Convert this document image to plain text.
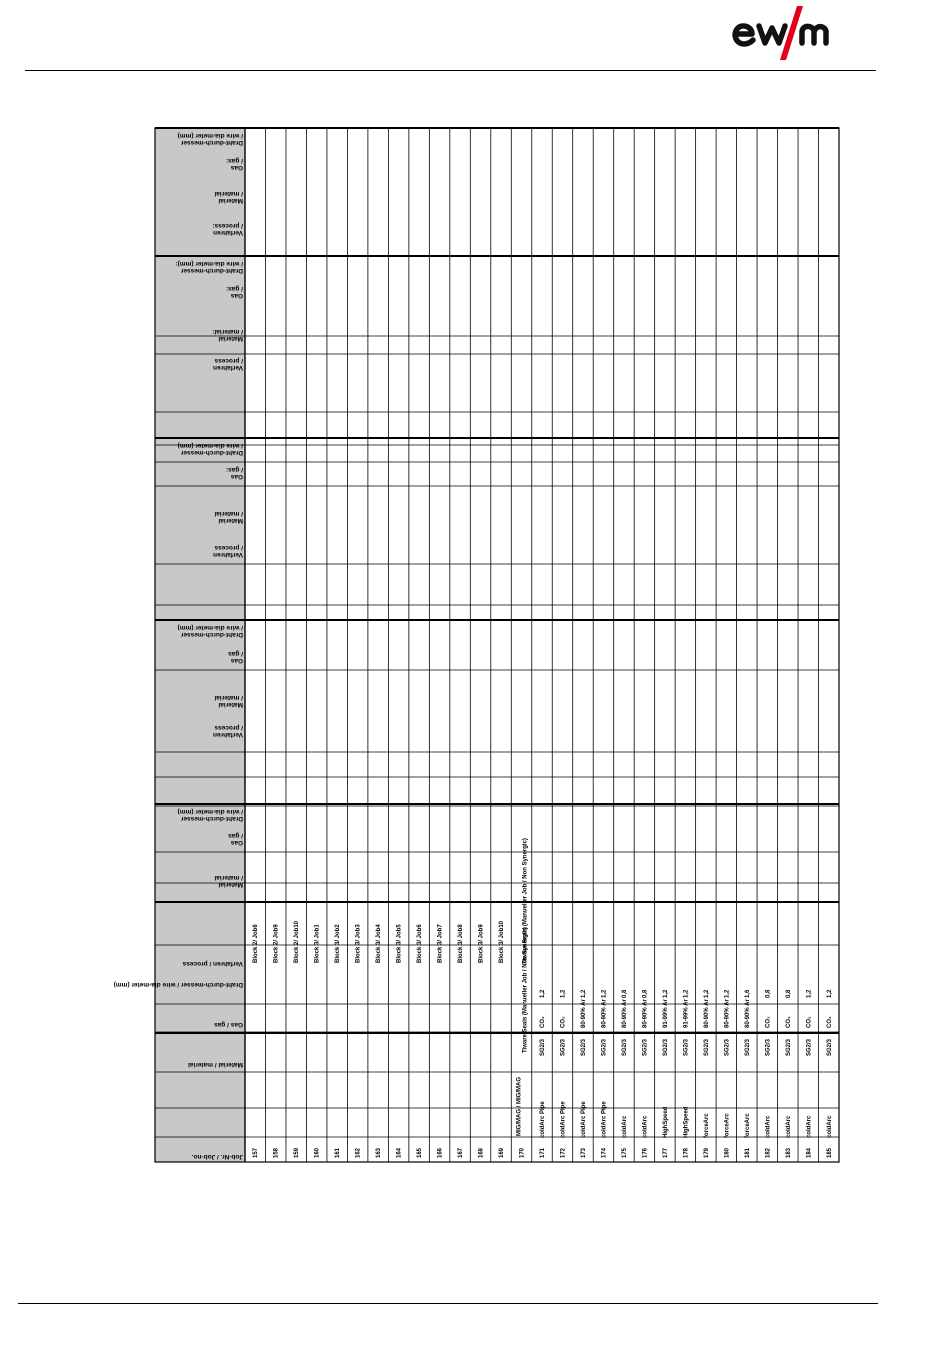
/ wire dia-meter (mm)
Draht-durch-messer
/ gas:
Gas
/ material
Material
/ process:
Verfahren
/ wire dia-meter (mm):
Draht-durch-messer
/ gas:
Gas
/ material:
Material
/ process
Verfahren
/ wire dia-meter (mm)
Draht-durch-messer
/ gas:
Gas
/ material
Material
/ process
Verfahren
/ wire dia-meter (mm)
Draht-durch-messer
/ gas
Gas
/ material
Material
/ process
Verfahren
/ wire dia-meter (mm)
Draht-durch-messer
/ gas
Gas
/ material
Material
Verfahren / process
Material / material
Gas / gas
Draht-durch-messer / wire dia-meter (mm)
Job-Nr. / Job-no. 157
Block 2/ Job6
158
Block 2/ Job9
159
Block 2/ Job10
160
Block 3/ Job1
161
Block 3/ Job2
162
Block 3/ Job3
163
Block 3/ Job4
164
Block 3/ Job5
165
Block 3/ Job6
166
Block 3/ Job7
167
Block 3/ Job8
168
Block 3/ Job9
169
Block 3/ Job10
170
MIG/MAG / MIG/MAG
Tiware Seals (Manueller Job / Non Synergic)
Tiware Seals (Manueller Job / Non Synergic)
171
coldArc Pipe
SG2/3
CO₂
1,2
172
coldArc Pipe
SG2/3
CO₂
1,2
173
coldArc Pipe
SG2/3
80-90% Ar
1,2
174
coldArc Pipe
SG2/3
80-90% Ar
1,2
175
coldArc
SG2/3
80-90% Ar
0,8
176
coldArc
SG2/3
80-90% Ar
0,8
177
HighSpeed
SG2/3
91-99% Ar
1,2
178
HighSpeed
SG2/3
91-99% Ar
1,2
179
forceArc
SG2/3
80-90% Ar
1,2
180
forceArc
SG2/3
80-90% Ar
1,2
181
forceArc
SG2/3
80-90% Ar
1,6
182
coldArc
SG2/3
CO₂
0,8
183
coldArc
SG2/3
CO₂
0,8
184
coldArc
SG2/3
CO₂
1,2
185
coldArc
SG2/3
CO₂
1,2
